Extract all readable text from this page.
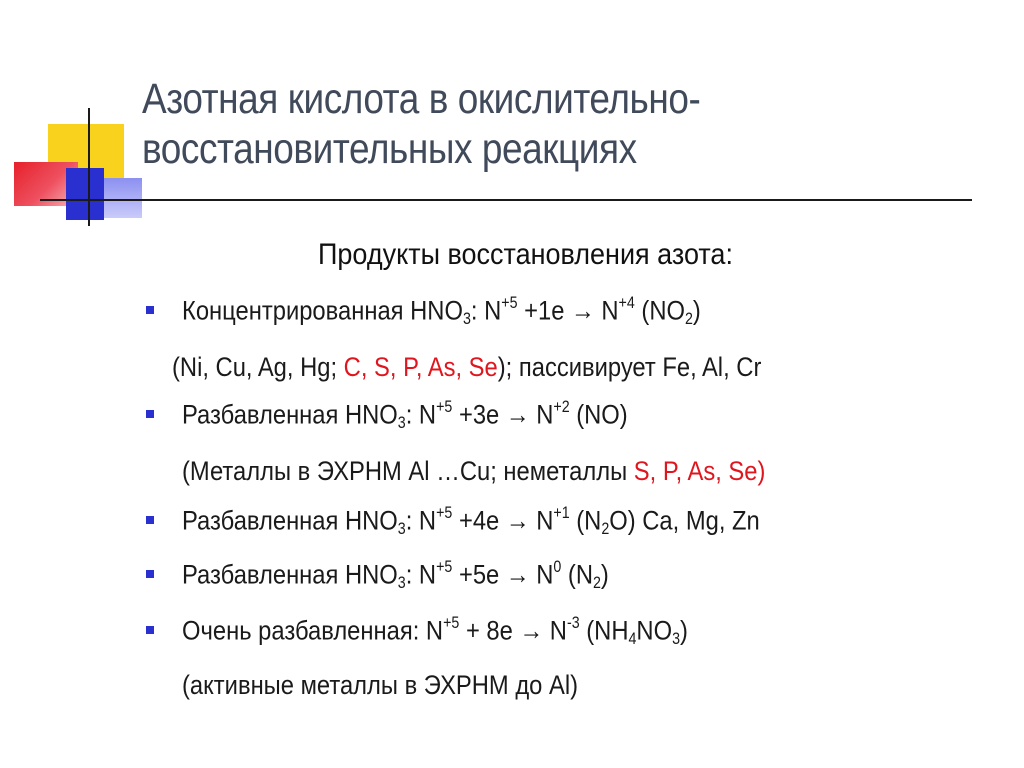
Азотная кислота в окислительно-
восстановительных реакциях
Продукты восстановления азота:
Концентрированная $HNO_3$: $N^{+5} +1e \to N^{+4}$ $(NO_2)$
(Ni, Cu, Ag, Hg; C, S, P, As, Se); пассивирует Fe, Al, Cr
Разбавленная $HNO_3$: $N^{+5} +3e \to N^{+2}$ (NO)
(Металлы в ЭХРНМ Al …Cu; неметаллы S, P, As, Se)
Разбавленная $HNO_3$: $N^{+5} +4e \to N^{+1}$ $(N_2O)$ Ca, Mg, Zn
Разбавленная $HNO_3$: $N^{+5} +5e \to N^0$ $(N_2)$
Очень разбавленная: $N^{+5} + 8e \to N^{-3}$ $(NH_4NO_3)$
(активные металлы в ЭХРНМ до Al)
